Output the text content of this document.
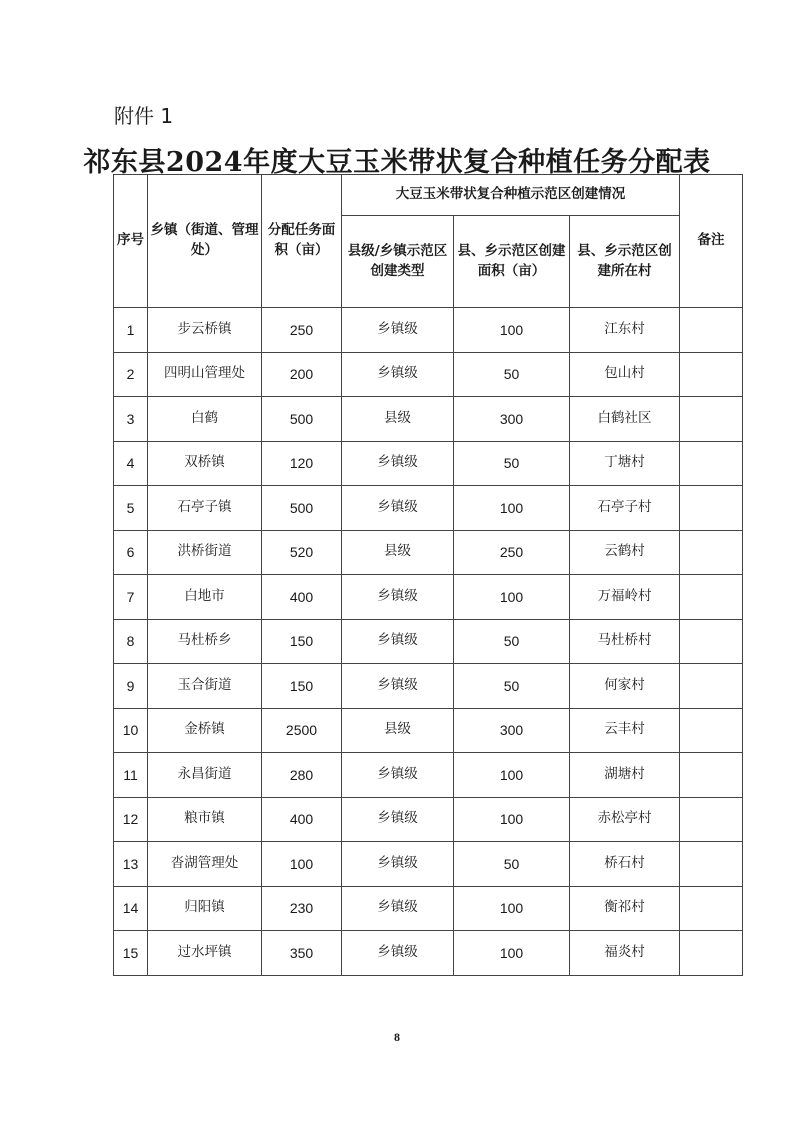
附件 1
祁东县2024年度大豆玉米带状复合种植任务分配表
序号	乡镇（街道、管理处）	分配任务面积（亩）	大豆玉米带状复合种植示范区创建情况			备注
			县级/乡镇示范区创建类型	县、乡示范区创建面积（亩）	县、乡示范区创建所在村	
1	步云桥镇	250	乡镇级	100	江东村	
2	四明山管理处	200	乡镇级	50	包山村	
3	白鹤	500	县级	300	白鹤社区	
4	双桥镇	120	乡镇级	50	丁塘村	
5	石亭子镇	500	乡镇级	100	石亭子村	
6	洪桥街道	520	县级	250	云鹤村	
7	白地市	400	乡镇级	100	万福岭村	
8	马杜桥乡	150	乡镇级	50	马杜桥村	
9	玉合街道	150	乡镇级	50	何家村	
10	金桥镇	2500	县级	300	云丰村	
11	永昌街道	280	乡镇级	100	湖塘村	
12	粮市镇	400	乡镇级	100	赤松亭村	
13	沓湖管理处	100	乡镇级	50	桥石村	
14	归阳镇	230	乡镇级	100	衡祁村	
15	过水坪镇	350	乡镇级	100	福炎村	
8
